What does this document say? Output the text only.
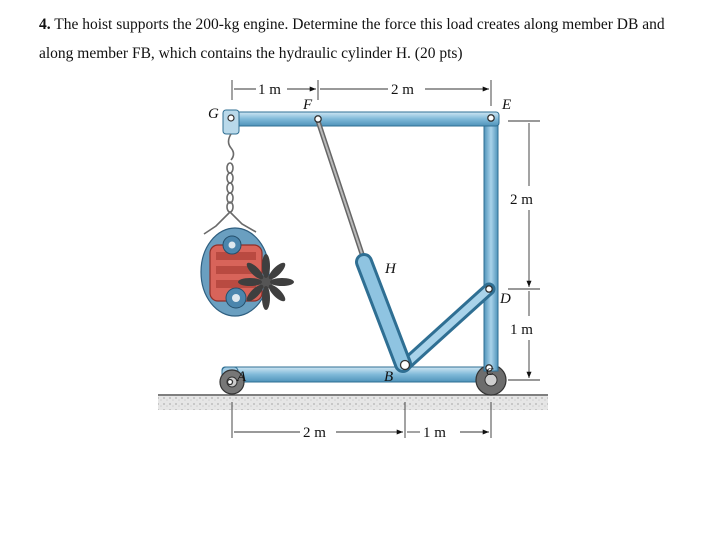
4. The hoist supports the 200-kg engine. Determine the force this load creates along member DB and along member FB, which contains the hydraulic cylinder H. (20 pts)
G
F	E
D
C
B
A
H
1 m	2 m
2 m
1 m
2 m	1 m
